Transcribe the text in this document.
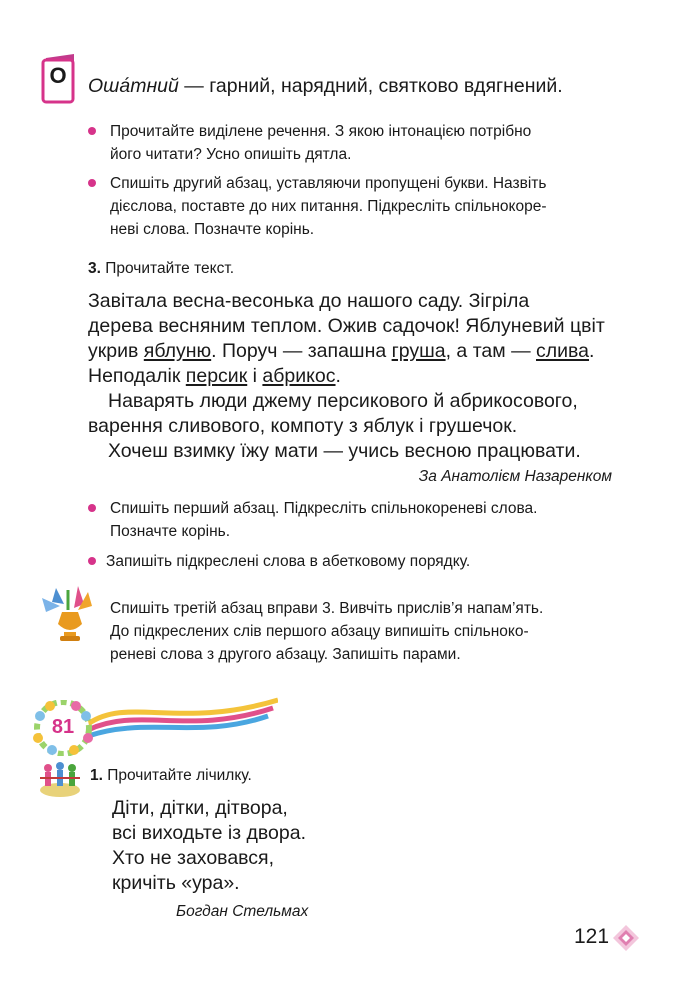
О	Оша́тний — гарний, нарядний, святково вдягнений.
Прочитайте виділене речення. З якою інтонацією потрібно
його читати? Усно опишіть дятла.
Спишіть другий абзац, уставляючи пропущені букви. Назвіть
дієслова, поставте до них питання. Підкресліть спільнокоре-
неві слова. Позначте корінь.
3. Прочитайте текст.
Завітала весна-весонька до нашого саду. Зігріла
дерева весняним теплом. Ожив садочок! Яблуневий цвіт
укрив яблуню. Поруч — запашна груша, а там — слива.
Неподалік персик і абрикос.
Наварять люди джему персикового й абрикосового,
варення сливового, компоту з яблук і грушечок.
Хочеш взимку їжу мати — учись весною працювати.
За Анатолієм Назаренком
Спишіть перший абзац. Підкресліть спільнокореневі слова.
Позначте корінь.
Запишіть підкреслені слова в абетковому порядку.
Спишіть третій абзац вправи 3. Вивчіть прислів’я напам’ять.
До підкреслених слів першого абзацу випишіть спільноко-
реневі слова з другого абзацу. Запишіть парами.
81
1. Прочитайте лічилку.
Діти, дітки, дітвора,
всі виходьте із двора.
Хто не заховався,
кричіть «ура».
Богдан Стельмах
121
